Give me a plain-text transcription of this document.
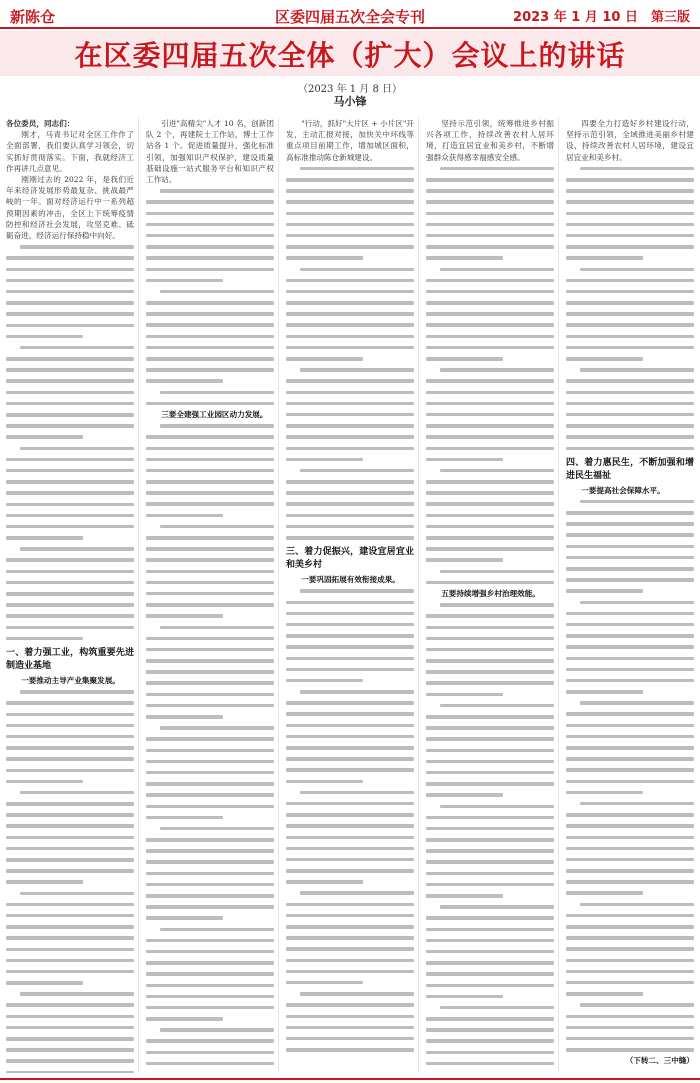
新陈仓	区委四届五次全会专刊	2023 年 1 月 10 日　第三版
在区委四届五次全体（扩大）会议上的讲话
（2023 年 1 月 8 日）
马小锋

各位委员，同志们：

刚才，马青书记对全区工作作了全面部署，我们要认真学习领会，切实抓好贯彻落实。下面，我就经济工作再讲几点意见。

刚刚过去的 2022 年，是我们近年来经济发展形势最复杂、挑战最严峻的一年。面对经济运行中一系列超预期因素的冲击，全区上下统筹疫情防控和经济社会发展，攻坚克难、砥砺奋进，经济运行保持稳中向好。

一、着力强工业，构筑重要先进制造业基地

一要推动主导产业集聚发展。

引进"高精尖"人才 10 名，创新团队 2 个，再建院士工作站，博士工作站各 1 个。促进质量提升，强化标准引领，加强知识产权保护，建设质量基础设施一站式服务平台和知识产权工作站。

三要全建强工业园区动力发展。

"行动，抓好"大片区 + 小片区"开发，主动汇报对接，加快关中环线等重点项目前期工作，增加城区面积，高标准推动陈仓新城建设。

三、着力促振兴，建设宜居宜业和美乡村

一要巩固拓展有效衔接成果。

坚持示范引领，统筹推进乡村振兴各项工作，持续改善农村人居环境，打造宜居宜业和美乡村，不断增强群众获得感幸福感安全感。

五要持续增强乡村治理效能。

四要全力打造好乡村建设行动，坚持示范引领，全域推进美丽乡村建设，持续改善农村人居环境，建设宜居宜业和美乡村。

四、着力惠民生，不断加强和增进民生福祉

一要提高社会保障水平。

（下转二、三中缝）
